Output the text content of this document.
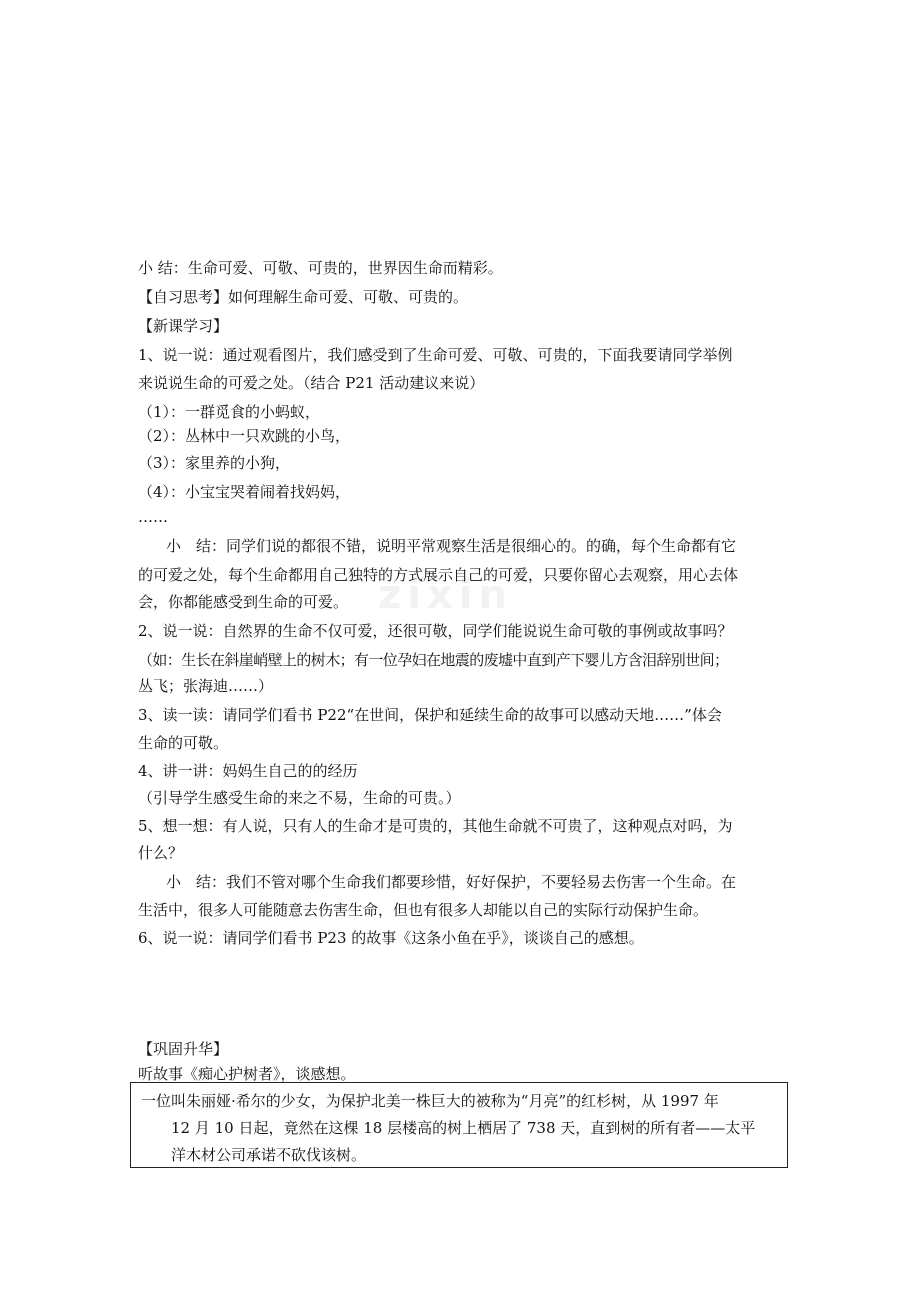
zixin
小 结：生命可爱、可敬、可贵的，世界因生命而精彩。
【自习思考】如何理解生命可爱、可敬、可贵的。
【新课学习】
1、说一说：通过观看图片，我们感受到了生命可爱、可敬、可贵的，下面我要请同学举例
来说说生命的可爱之处。（结合 P21 活动建议来说）
（1）：一群觅食的小蚂蚁，
（2）：丛林中一只欢跳的小鸟，
（3）：家里养的小狗，
（4）：小宝宝哭着闹着找妈妈，
……
小　结：同学们说的都很不错，说明平常观察生活是很细心的。的确，每个生命都有它
的可爱之处，每个生命都用自己独特的方式展示自己的可爱，只要你留心去观察，用心去体
会，你都能感受到生命的可爱。
2、说一说：自然界的生命不仅可爱，还很可敬，同学们能说说生命可敬的事例或故事吗？
（如：生长在斜崖峭壁上的树木；有一位孕妇在地震的废墟中直到产下婴儿方含泪辞别世间；
丛飞；张海迪……）
3、读一读：请同学们看书 P22“在世间，保护和延续生命的故事可以感动天地……”体会
生命的可敬。
4、讲一讲：妈妈生自己的的经历
（引导学生感受生命的来之不易，生命的可贵。）
5、想一想：有人说，只有人的生命才是可贵的，其他生命就不可贵了，这种观点对吗，为
什么？
小　结：我们不管对哪个生命我们都要珍惜，好好保护，不要轻易去伤害一个生命。在
生活中，很多人可能随意去伤害生命，但也有很多人却能以自己的实际行动保护生命。
6、说一说：请同学们看书 P23 的故事《这条小鱼在乎》，谈谈自己的感想。
【巩固升华】
听故事《痴心护树者》，谈感想。
一位叫朱丽娅·希尔的少女，为保护北美一株巨大的被称为“月亮”的红杉树，从 1997 年
12 月 10 日起，竟然在这棵 18 层楼高的树上栖居了 738 天，直到树的所有者——太平
洋木材公司承诺不砍伐该树。
